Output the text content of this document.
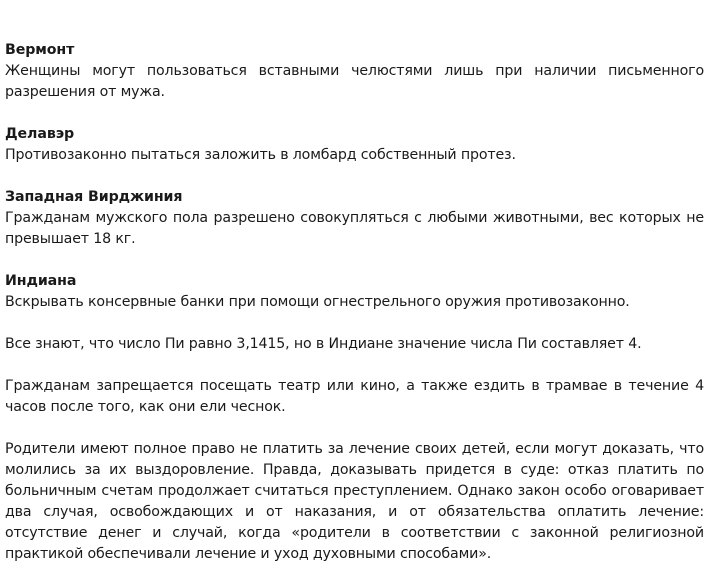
Вермонт

Женщины могут пользоваться вставными челюстями лишь при наличии письменного разрешения от мужа.

Делавэр

Противозаконно пытаться заложить в ломбард собственный протез.

Западная Вирджиния

Гражданам мужского пола разрешено совокупляться с любыми животными, вес которых не превышает 18 кг.

Индиана

Вскрывать консервные банки при помощи огнестрельного оружия противозаконно.

Все знают, что число Пи равно 3,1415, но в Индиане значение числа Пи составляет 4.

Гражданам запрещается посещать театр или кино, а также ездить в трамвае в течение 4 часов после того, как они ели чеснок.

Родители имеют полное право не платить за лечение своих детей, если могут доказать, что молились за их выздоровление. Правда, доказывать придется в суде: отказ платить по больничным счетам продолжает считаться преступлением. Однако закон особо оговаривает два случая, освобождающих и от наказания, и от обязательства оплатить лечение: отсутствие денег и случай, когда «родители в соответствии с законной религиозной практикой обеспечивали лечение и уход духовными способами».
